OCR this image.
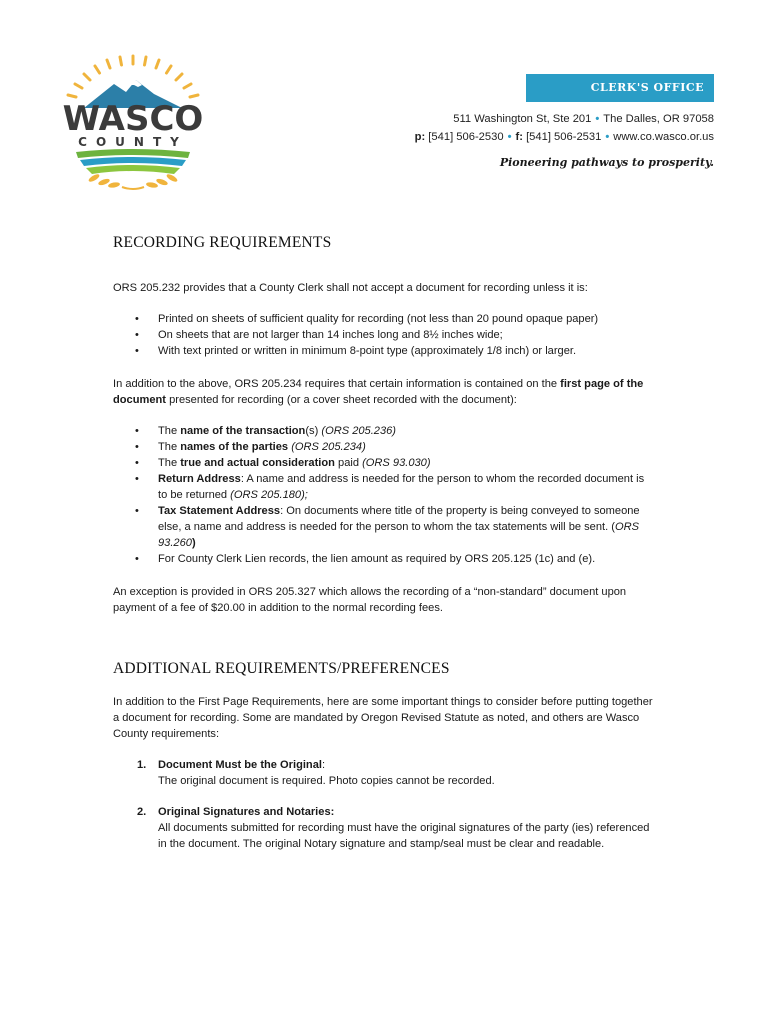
WASCO
COUNTY
CLERK'S OFFICE
511 Washington St, Ste 201 • The Dalles, OR 97058
p: [541] 506-2530 • f: [541] 506-2531 • www.co.wasco.or.us
Pioneering pathways to prosperity.
RECORDING REQUIREMENTS

ORS 205.232 provides that a County Clerk shall not accept a document for recording unless it is:

• Printed on sheets of sufficient quality for recording (not less than 20 pound opaque paper)
• On sheets that are not larger than 14 inches long and 8½ inches wide;
• With text printed or written in minimum 8-point type (approximately 1/8 inch) or larger.

In addition to the above, ORS 205.234 requires that certain information is contained on the first page of the document presented for recording (or a cover sheet recorded with the document):

• The name of the transaction(s) (ORS 205.236)
• The names of the parties (ORS 205.234)
• The true and actual consideration paid (ORS 93.030)
• Return Address: A name and address is needed for the person to whom the recorded document is to be returned (ORS 205.180);
• Tax Statement Address: On documents where title of the property is being conveyed to someone else, a name and address is needed for the person to whom the tax statements will be sent. (ORS 93.260)
• For County Clerk Lien records, the lien amount as required by ORS 205.125 (1c) and (e).

An exception is provided in ORS 205.327 which allows the recording of a “non-standard” document upon payment of a fee of $20.00 in addition to the normal recording fees.

ADDITIONAL REQUIREMENTS/PREFERENCES

In addition to the First Page Requirements, here are some important things to consider before putting together a document for recording. Some are mandated by Oregon Revised Statute as noted, and others are Wasco County requirements:

1. Document Must be the Original:
The original document is required. Photo copies cannot be recorded.
2. Original Signatures and Notaries:
All documents submitted for recording must have the original signatures of the party (ies) referenced in the document. The original Notary signature and stamp/seal must be clear and readable.
